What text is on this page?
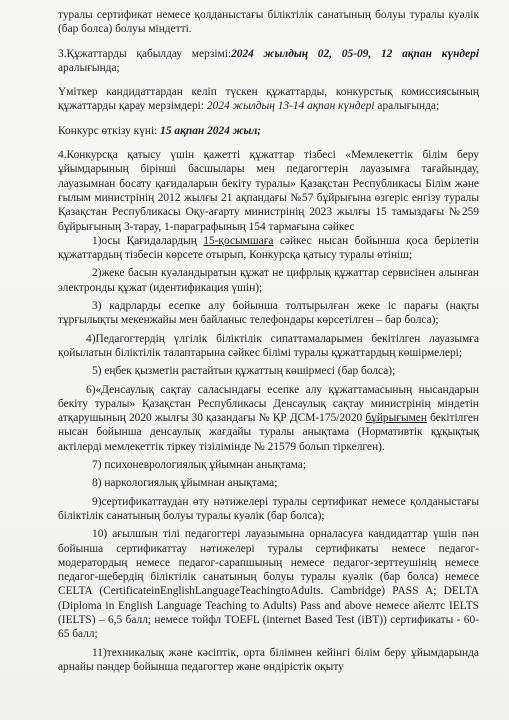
туралы сертификат немесе қолданыстағы біліктілік санатының болуы туралы куәлік (бар болса) болуы міндетті.

3.Құжаттарды қабылдау мерзімі:2024 жылдың 02, 05-09, 12 ақпан күндері аралығында;

Үміткер кандидаттардан келіп түскен құжаттарды, конкурстық комиссиясының құжаттарды қарау мерзімдері: 2024 жылдың 13-14 ақпан күндері аралығында;

Конкурс өткізу күні: 15 ақпан 2024 жыл;

4.Конкурсқа қатысу үшін қажетті құжаттар тізбесі «Мемлекеттік білім беру ұйымдарының бірінші басшылары мен педагогтерін лауазымға тағайындау, лауазымнан босату қағидаларын бекіту туралы» Қазақстан Республикасы Білім және ғылым министрінің 2012 жылғы 21 ақпандағы №57 бұйрығына өзгеріс енгізу туралы Қазақстан Республикасы Оқу-ағарту министрінің 2023 жылғы 15 тамыздағы №259 бұйрығының 3-тарау, 1-параграфының 154 тармағына сәйкес

1)осы Қағидалардың 15-қосымшаға сәйкес нысан бойынша қоса берілетін құжаттардың тізбесін көрсете отырып, Конкурсқа қатысу туралы өтініш;

2)жеке басын куәландыратын құжат не цифрлық құжаттар сервисінен алынған электронды құжат (идентификация үшін);

3) кадрларды есепке алу бойынша толтырылған жеке іс парағы (нақты тұрғылықты мекенжайы мен байланыс телефондары көрсетілген – бар болса);

4)Педагогтердің үлгілік біліктілік сипаттамаларымен бекітілген лауазымға қойылатын біліктілік талаптарына сәйкес білімі туралы құжаттардың көшірмелері;

5) еңбек қызметін растайтын құжаттың көшірмесі (бар болса);

6)«Денсаулық сақтау саласындағы есепке алу құжаттамасының нысандарын бекіту туралы» Қазақстан Республикасы Денсаулық сақтау министрінің міндетін атқарушының 2020 жылғы 30 қазандағы № ҚР ДСМ-175/2020 бұйрығымен бекітілген нысан бойынша денсаулық жағдайы туралы анықтама (Нормативтік құқықтық актілерді мемлекеттік тіркеу тізілімінде № 21579 болып тіркелген).

7) психоневрологиялық ұйымнан анықтама;

8) наркологиялық ұйымнан анықтама;

9)сертификаттаудан өту нәтижелері туралы сертификат немесе қолданыстағы біліктілік санатының болуы туралы куәлік (бар болса);

10) ағылшын тілі педагогтері лауазымына орналасуға кандидаттар үшін пән бойынша сертификаттау нәтижелері туралы сертификаты немесе педагог-модератордың немесе педагог-сарапшының немесе педагог-зерттеушінің немесе педагог-шебердің біліктілік санатының болуы туралы куәлік (бар болса) немесе CELTA (CertificateinEnglishLanguageTeachingtoAdults. Cambridge) PASS A; DELTA (Diploma in English Language Teaching to Adults) Pass and above немесе айелтс IELTS (IELTS) – 6,5 балл; немесе тойфл TOEFL (internet Based Test (iBT)) сертификаты - 60-65 балл;

11)техникалық және кәсіптік, орта білімнен кейінгі білім беру ұйымдарында арнайы пәндер бойынша педагогтер және өндірістік оқыту
